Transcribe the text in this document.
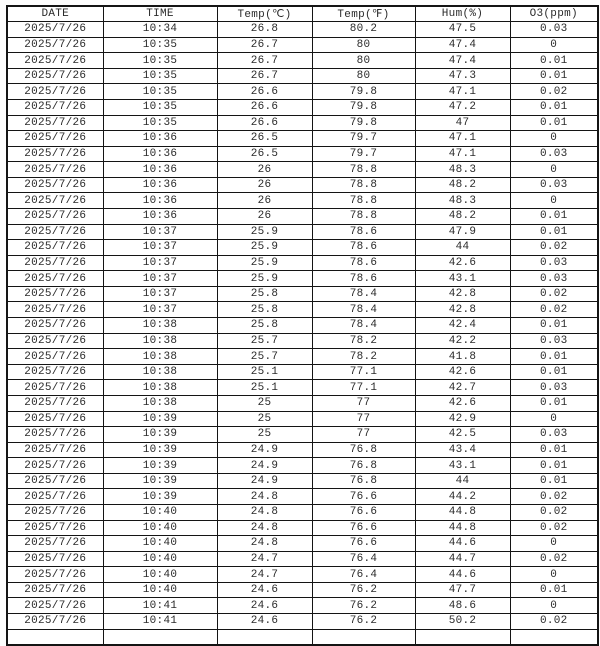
DATE	TIME	Temp(℃)	Temp(℉)	Hum(%)	O3(ppm)
2025/7/26	10:34	26.8	80.2	47.5	0.03
2025/7/26	10:35	26.7	80	47.4	0
2025/7/26	10:35	26.7	80	47.4	0.01
2025/7/26	10:35	26.7	80	47.3	0.01
2025/7/26	10:35	26.6	79.8	47.1	0.02
2025/7/26	10:35	26.6	79.8	47.2	0.01
2025/7/26	10:35	26.6	79.8	47	0.01
2025/7/26	10:36	26.5	79.7	47.1	0
2025/7/26	10:36	26.5	79.7	47.1	0.03
2025/7/26	10:36	26	78.8	48.3	0
2025/7/26	10:36	26	78.8	48.2	0.03
2025/7/26	10:36	26	78.8	48.3	0
2025/7/26	10:36	26	78.8	48.2	0.01
2025/7/26	10:37	25.9	78.6	47.9	0.01
2025/7/26	10:37	25.9	78.6	44	0.02
2025/7/26	10:37	25.9	78.6	42.6	0.03
2025/7/26	10:37	25.9	78.6	43.1	0.03
2025/7/26	10:37	25.8	78.4	42.8	0.02
2025/7/26	10:37	25.8	78.4	42.8	0.02
2025/7/26	10:38	25.8	78.4	42.4	0.01
2025/7/26	10:38	25.7	78.2	42.2	0.03
2025/7/26	10:38	25.7	78.2	41.8	0.01
2025/7/26	10:38	25.1	77.1	42.6	0.01
2025/7/26	10:38	25.1	77.1	42.7	0.03
2025/7/26	10:38	25	77	42.6	0.01
2025/7/26	10:39	25	77	42.9	0
2025/7/26	10:39	25	77	42.5	0.03
2025/7/26	10:39	24.9	76.8	43.4	0.01
2025/7/26	10:39	24.9	76.8	43.1	0.01
2025/7/26	10:39	24.9	76.8	44	0.01
2025/7/26	10:39	24.8	76.6	44.2	0.02
2025/7/26	10:40	24.8	76.6	44.8	0.02
2025/7/26	10:40	24.8	76.6	44.8	0.02
2025/7/26	10:40	24.8	76.6	44.6	0
2025/7/26	10:40	24.7	76.4	44.7	0.02
2025/7/26	10:40	24.7	76.4	44.6	0
2025/7/26	10:40	24.6	76.2	47.7	0.01
2025/7/26	10:41	24.6	76.2	48.6	0
2025/7/26	10:41	24.6	76.2	50.2	0.02
